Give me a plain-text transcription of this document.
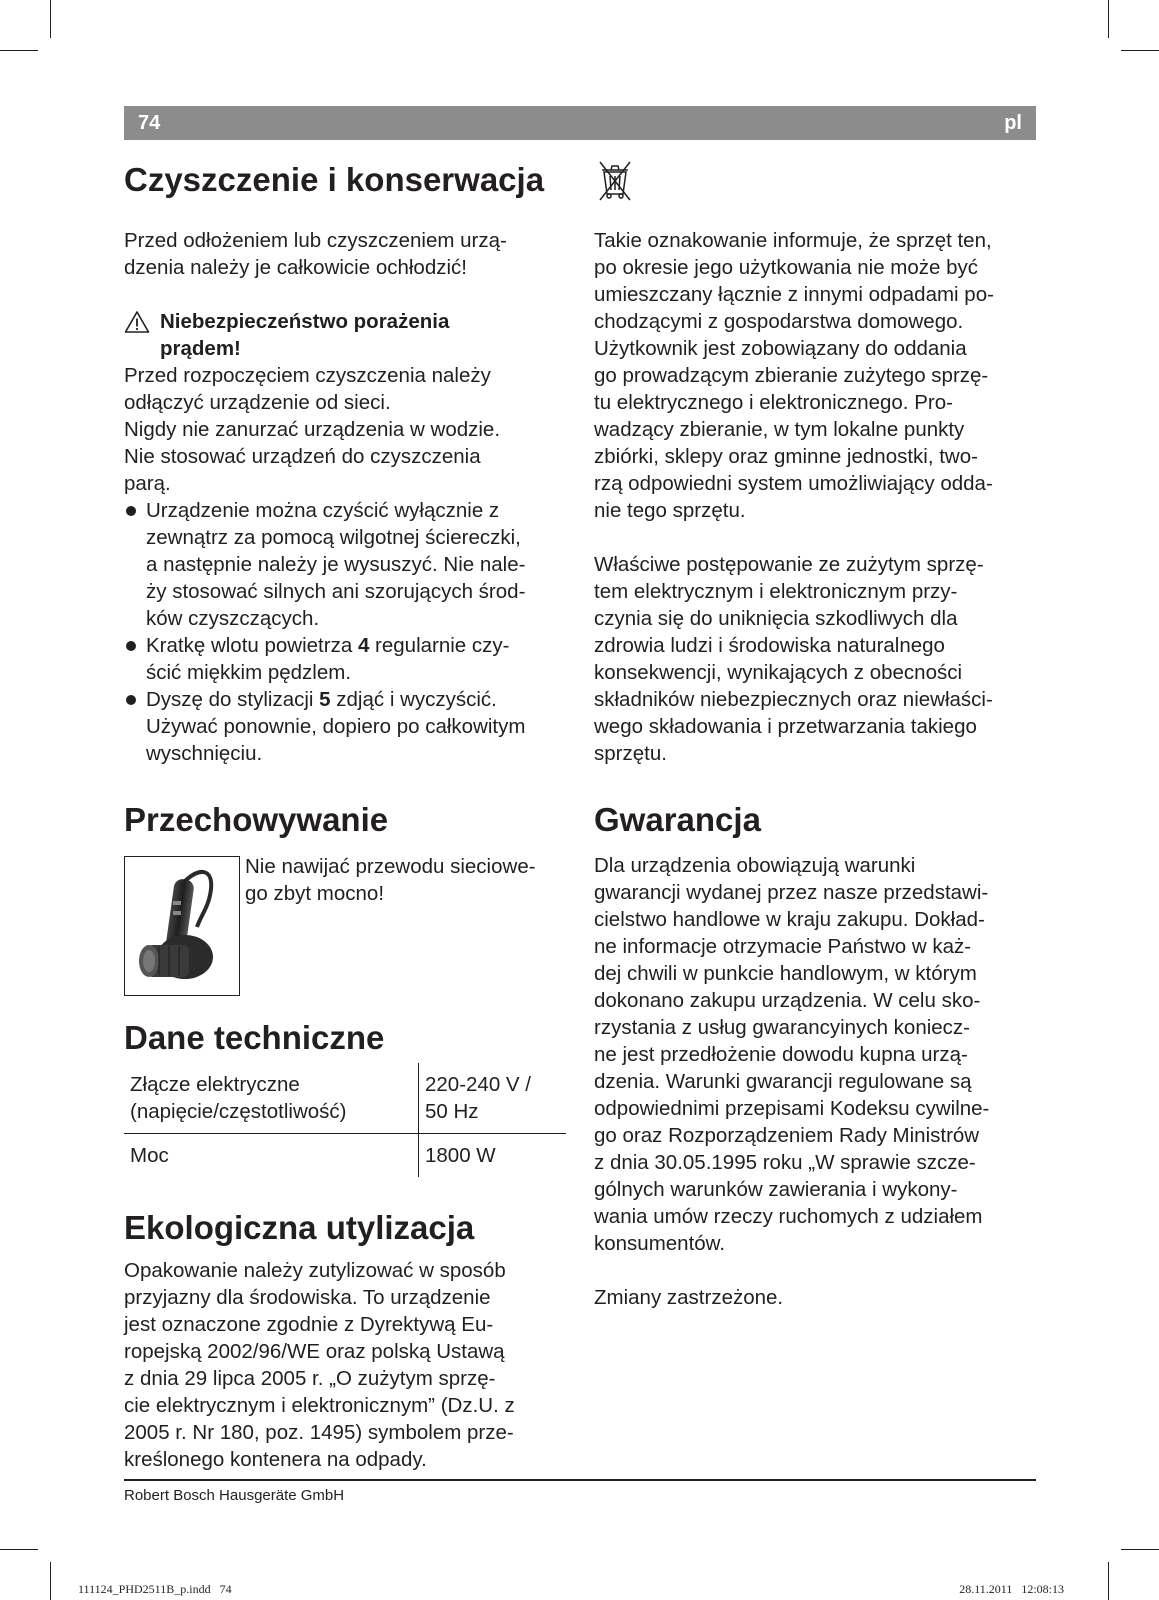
74	pl
Czyszczenie i konserwacja

Przed odłożeniem lub czyszczeniem urzą-
dzenia należy je całkowicie ochłodzić!

Niebezpieczeństwo porażenia
prądem!

Przed rozpoczęciem czyszczenia należy
odłączyć urządzenie od sieci.
Nigdy nie zanurzać urządzenia w wodzie.
Nie stosować urządzeń do czyszczenia
parą.

Urządzenie można czyścić wyłącznie z
zewnątrz za pomocą wilgotnej ściereczki,
a następnie należy je wysuszyć. Nie nale-
ży stosować silnych ani szorujących środ-
ków czyszczących.
Kratkę wlotu powietrza 4 regularnie czy-
ścić miękkim pędzlem.
Dyszę do stylizacji 5 zdjąć i wyczyścić.
Używać ponownie, dopiero po całkowitym
wyschnięciu.
Przechowywanie
Nie nawijać przewodu sieciowe-
go zbyt mocno!
Dane techniczne
Złącze elektryczne
(napięcie/częstotliwość)	220-240 V /
50 Hz
Moc	1800 W
Ekologiczna utylizacja
Opakowanie należy zutylizować w sposób
przyjazny dla środowiska. To urządzenie
jest oznaczone zgodnie z Dyrektywą Eu-
ropejską 2002/96/WE oraz polską Ustawą
z dnia 29 lipca 2005 r. „O zużytym sprzę-
cie elektrycznym i elektronicznym” (Dz.U. z
2005 r. Nr 180, poz. 1495) symbolem prze-
kreślonego kontenera na odpady.

Takie oznakowanie informuje, że sprzęt ten,
po okresie jego użytkowania nie może być
umieszczany łącznie z innymi odpadami po-
chodzącymi z gospodarstwa domowego.
Użytkownik jest zobowiązany do oddania
go prowadzącym zbieranie zużytego sprzę-
tu elektrycznego i elektronicznego. Pro-
wadzący zbieranie, w tym lokalne punkty
zbiórki, sklepy oraz gminne jednostki, two-
rzą odpowiedni system umożliwiający odda-
nie tego sprzętu.

Właściwe postępowanie ze zużytym sprzę-
tem elektrycznym i elektronicznym przy-
czynia się do uniknięcia szkodliwych dla
zdrowia ludzi i środowiska naturalnego
konsekwencji, wynikających z obecności
składników niebezpiecznych oraz niewłaści-
wego składowania i przetwarzania takiego
sprzętu.

Gwarancja

Dla urządzenia obowiązują warunki
gwarancji wydanej przez nasze przedstawi-
cielstwo handlowe w kraju zakupu. Dokład-
ne informacje otrzymacie Państwo w każ-
dej chwili w punkcie handlowym, w którym
dokonano zakupu urządzenia. W celu sko-
rzystania z usług gwarancyinych koniecz-
ne jest przedłożenie dowodu kupna urzą-
dzenia. Warunki gwarancji regulowane są
odpowiednimi przepisami Kodeksu cywilne-
go oraz Rozporządzeniem Rady Ministrów
z dnia 30.05.1995 roku „W sprawie szcze-
gólnych warunków zawierania i wykony-
wania umów rzeczy ruchomych z udziałem
konsumentów.

Zmiany zastrzeżone.

Robert Bosch Hausgeräte GmbH
111124_PHD2511B_p.indd   74	28.11.2011   12:08:13
